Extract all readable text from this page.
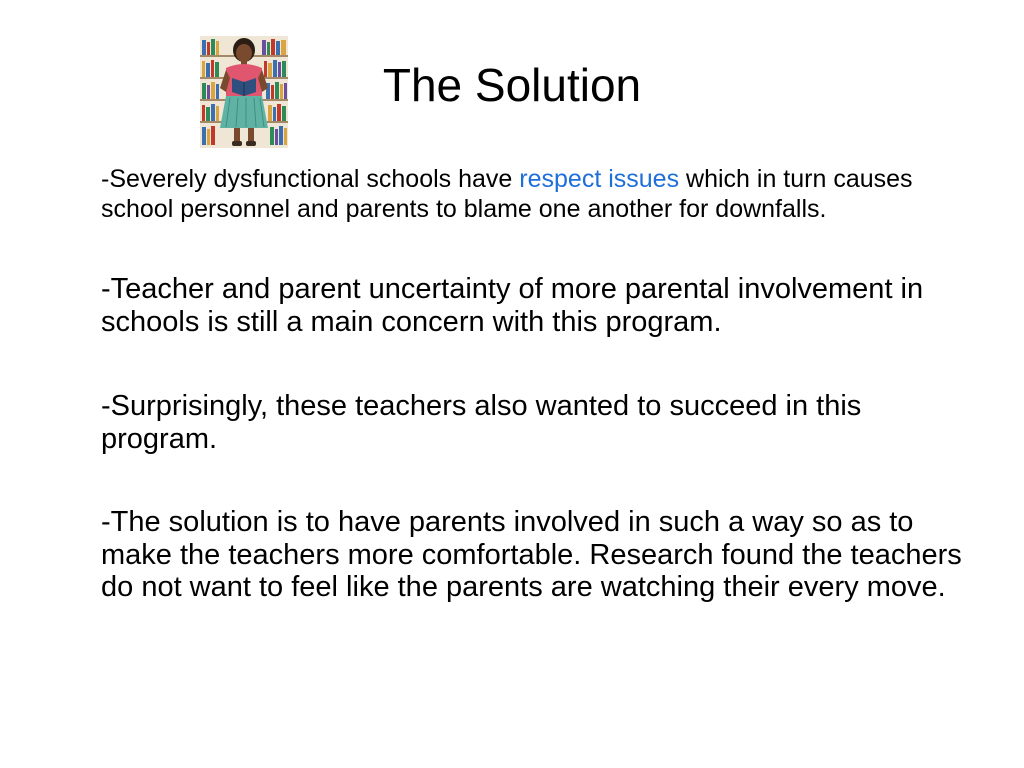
The Solution

-Severely dysfunctional schools have respect issues which in turn causes school personnel and parents to blame one another for downfalls.

-Teacher and parent uncertainty of more parental involvement in schools is still a main concern with this program.

-Surprisingly, these teachers also wanted to succeed in this program.

-The solution is to have parents involved in such a way so as to make the teachers more comfortable. Research found the teachers do not want to feel like the parents are watching their every move.
